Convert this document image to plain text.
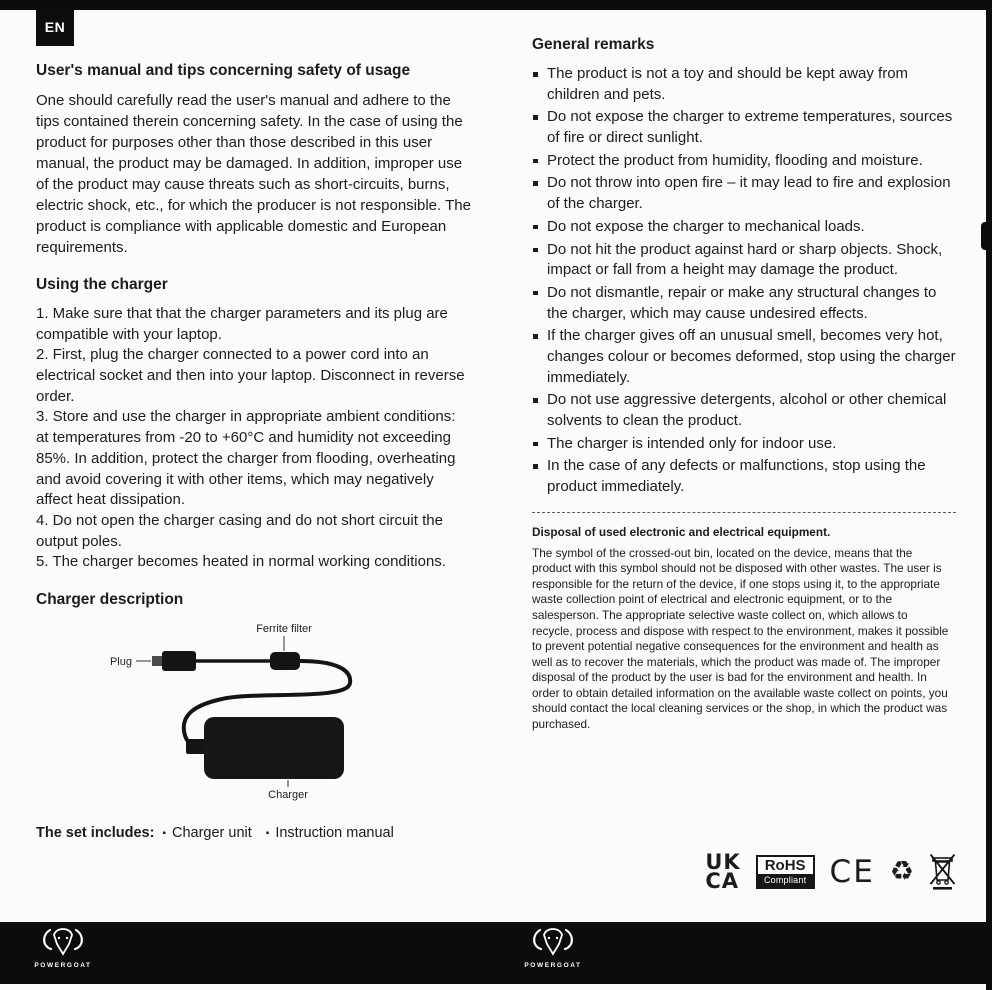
EN
User's manual and tips concerning safety of usage

One should carefully read the user's manual and adhere to the tips contained therein concerning safety. In the case of using the product for purposes other than those described in this user manual, the product may be damaged. In addition, improper use of the product may cause threats such as short-circuits, burns, electric shock, etc., for which the producer is not responsible. The product is compliance with applicable domestic and European requirements.

Using the charger

1. Make sure that that the charger parameters and its plug are compatible with your laptop.

2. First, plug the charger connected to a power cord into an electrical socket and then into your laptop. Disconnect in reverse order.

3. Store and use the charger in appropriate ambient conditions: at temperatures from -20 to +60°C and humidity not exceeding 85%. In addition, protect the charger from flooding, overheating and avoid covering it with other items, which may negatively affect heat dissipation.

4. Do not open the charger casing and do not short circuit the output poles.

5. The charger becomes heated in normal working conditions.

Charger description
Ferrite filter
Plug
Charger
The set includes:	▪ Charger unit	▪ Instruction manual
General remarks
The product is not a toy and should be kept away from children and pets.
Do not expose the charger to extreme temperatures, sources of fire or direct sunlight.
Protect the product from humidity, flooding and moisture.
Do not throw into open fire – it may lead to fire and explosion of the charger.
Do not expose the charger to mechanical loads.
Do not hit the product against hard or sharp objects. Shock, impact or fall from a height may damage the product.
Do not dismantle, repair or make any structural changes to the charger, which may cause undesired effects.
If the charger gives off an unusual smell, becomes very hot, changes colour or becomes deformed, stop using the charger immediately.
Do not use aggressive detergents, alcohol or other chemical solvents to clean the product.
The charger is intended only for indoor use.
In the case of any defects or malfunctions, stop using the product immediately.

Disposal of used electronic and electrical equipment.

The symbol of the crossed-out bin, located on the device, means that the product with this symbol should not be disposed with other wastes. The user is responsible for the return of the device, if one stops using it, to the appropriate waste collection point of electrical and electronic equipment, or to the salesperson. The appropriate selective waste collect on, which allows to recycle, process and dispose with respect to the environment, makes it possible to prevent potential negative consequences for the environment and health as well as to recover the materials, which the product was made of. The improper disposal of the product by the user is bad for the environment and health. In order to obtain detailed information on the available waste collect on points, you should contact the local cleaning services or the shop, in which the product was purchased.

UK
CA
RoHS
Compliant CE ♻
POWERGOAT	POWERGOAT
